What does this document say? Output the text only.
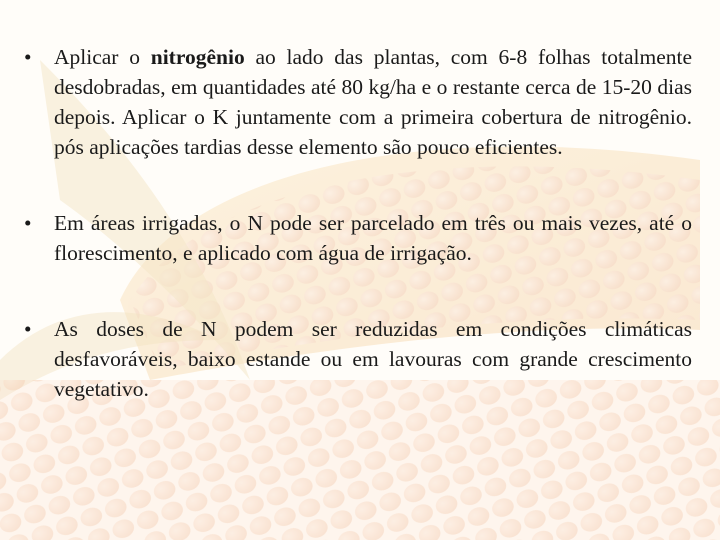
• Aplicar o nitrogênio ao lado das plantas, com 6-8 folhas totalmente desdobradas, em quantidades até 80 kg/ha e o restante cerca de 15-20 dias depois. Aplicar o K juntamente com a primeira cobertura de nitrogênio. pós aplicações tardias desse elemento são pouco eficientes.
• Em áreas irrigadas, o N pode ser parcelado em três ou mais vezes, até o florescimento, e aplicado com água de irrigação.
• As doses de N podem ser reduzidas em condições climáticas desfavoráveis, baixo estande ou em lavouras com grande crescimento vegetativo.
